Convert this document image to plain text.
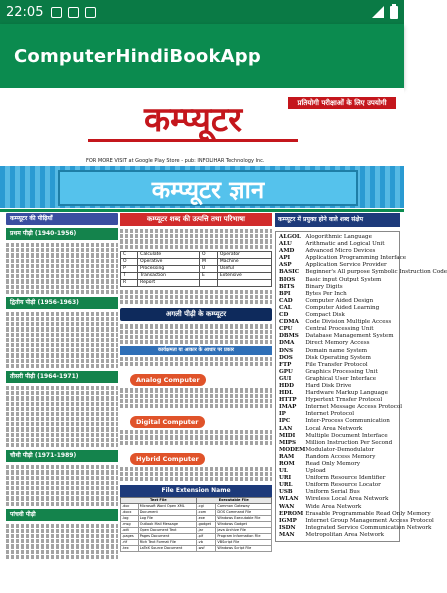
22:05
ComputerHindiBookApp
कम्प्यूटर	प्रतियोगी परीक्षाओं के लिए उपयोगी
FOR MORE VISIT at Google Play Store - pub: INFOLIHAR Technology Inc.
कम्प्यूटर ज्ञान
कम्प्यूटर की पीढ़ियाँ
प्रथम पीढ़ी (1940-1956)
द्वितीय पीढ़ी (1956-1963)
तीसरी पीढ़ी (1964-1971)
चौथी पीढ़ी (1971-1989)
पांचवी पीढ़ी
कम्प्यूटर शब्द की उत्पत्ति तथा परिभाषा
C	Calculate	O	Operator
O	Operative	M	Machine
P	Processing	U	Useful
T	Transaction	E	Extensive
R	Report		
अगली पीढ़ी के कम्प्यूटर
कार्यक्षमता या आकार के आधार पर प्रकार
Analog Computer
Digital Computer
Hybrid Computer
File Extension Name
Text File		Executable File	
.doc	Microsoft Word Open XML	.cgi	Common Gateway
.docx	Document	.com	DOS Command File
.log	Log File	.exe	Windows Executable File
.msg	Outlook Mail Message	.gadget	Windows Gadget
.odt	Open Document Text	.jar	Java Archive File
.pages	Pages Document	.pif	Program Information File
.rtf	Rich Text Format File	.vb	VBScript File
.tex	LaTeX Source Document	.wsf	Windows Script File
कम्प्यूटर में प्रयुक्त होने वाले शब्द संक्षेप
ALGOL	Alogorithmic Language
ALU	Arithmatic and Logical Unit
AMD	Advanced Micro Devices
API	Application Programming Interface
ASP	Application Service Provider
BASIC	Beginner's All purpose Symbolic Instruction Code
BIOS	Basic input Output System
BITS	Binary Digits
BPI	Bytes Per Inch
CAD	Computer Aided Design
CAL	Computer Aided Learning
CD	Compact Disk
CDMA	Code Division Multiple Access
CPU	Central Processing Unit
DBMS	Database Management System
DMA	Direct Memory Access
DNS	Domain name System
DOS	Disk Operating System
FTP	File Transfer Protocol
GPU	Graphics Processing Unit
GUI	Graphical User Interface
HDD	Hard Disk Drive
HDL	Hardware Markup Language
HTTP	Hypertext Trnsfer Protocol
IMAP	Internet Message Access Protocol
IP	Internet Protocol
IPC	Inter-Process Communication
LAN	Local Area Network
MIDI	Multiple Document Interface
MIPS	Million Instruction Per Second
MODEM	Modulator-Demodulator
RAM	Random Access Memory
ROM	Read Only Memory
UL	Upload
URI	Uniform Resource Identifier
URL	Uniform Resource Locator
USB	Uniform Serial Bus
WLAN	Wireless Local Area Network
WAN	Wide Area Network
EPROM	Erasable Programmable Read Only Memory
IGMP	Internet Group Management Access Protocol
ISDN	Integrated Service Communication Network
MAN	Metropolitan Area Network
